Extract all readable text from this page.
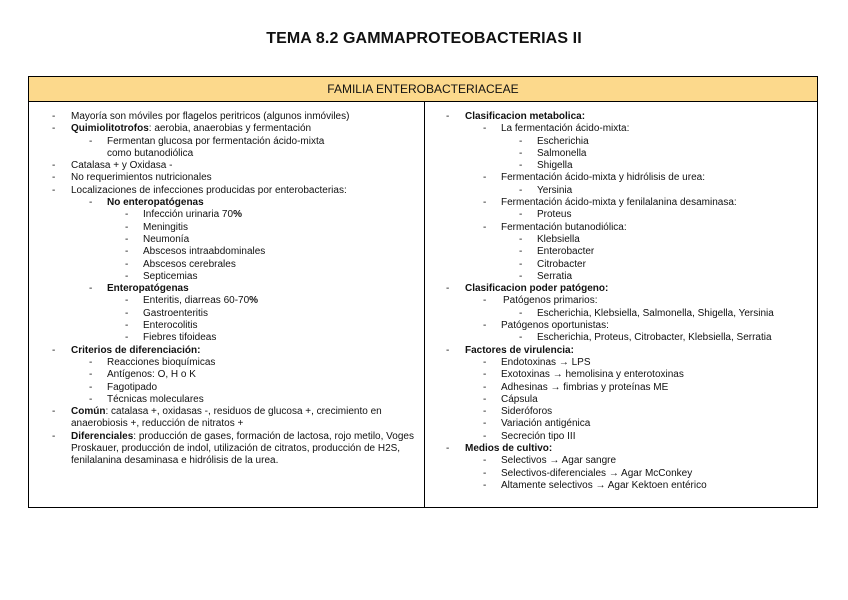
TEMA 8.2 GAMMAPROTEOBACTERIAS II
FAMILIA ENTEROBACTERIACEAE
- Mayoría son móviles por flagelos peritricos (algunos inmóviles)
- Quimiolitotrofos: aerobia, anaerobias y fermentación
- Fermentan glucosa por fermentación ácido-mixta como butanodiólica
- Catalasa + y Oxidasa -
- No requerimientos nutricionales
- Localizaciones de infecciones producidas por enterobacterias:
- No enteropatógenas
- Infección urinaria 70%
- Meningitis
- Neumonía
- Abscesos intraabdominales
- Abscesos cerebrales
- Septicemias
- Enteropatógenas
- Enteritis, diarreas 60-70%
- Gastroenteritis
- Enterocolitis
- Fiebres tifoideas
- Criterios de diferenciación:
- Reacciones bioquímicas
- Antígenos: O, H o K
- Fagotipado
- Técnicas moleculares
- Común: catalasa +, oxidasas -, residuos de glucosa +, crecimiento en anaerobiosis +, reducción de nitratos +
- Diferenciales: producción de gases, formación de lactosa, rojo metilo, Voges Proskauer, producción de indol, utilización de citratos, producción de H2S, fenilalanina desaminasa e hidrólisis de la urea.
- Clasificacion metabolica:
- La fermentación ácido-mixta:
- Escherichia
- Salmonella
- Shigella
- Fermentación ácido-mixta y hidrólisis de urea:
- Yersinia
- Fermentación ácido-mixta y fenilalanina desaminasa:
- Proteus
- Fermentación butanodiólica:
- Klebsiella
- Enterobacter
- Citrobacter
- Serratia
- Clasificacion poder patógeno:
- Patógenos primarios:
- Escherichia, Klebsiella, Salmonella, Shigella, Yersinia
- Patógenos oportunistas:
- Escherichia, Proteus, Citrobacter, Klebsiella, Serratia
- Factores de virulencia:
- Endotoxinas → LPS
- Exotoxinas → hemolisina y enterotoxinas
- Adhesinas → fimbrias y proteínas ME
- Cápsula
- Sideróforos
- Variación antigénica
- Secreción tipo III
- Medios de cultivo:
- Selectivos → Agar sangre
- Selectivos-diferenciales → Agar McConkey
- Altamente selectivos → Agar Kektoen entérico
